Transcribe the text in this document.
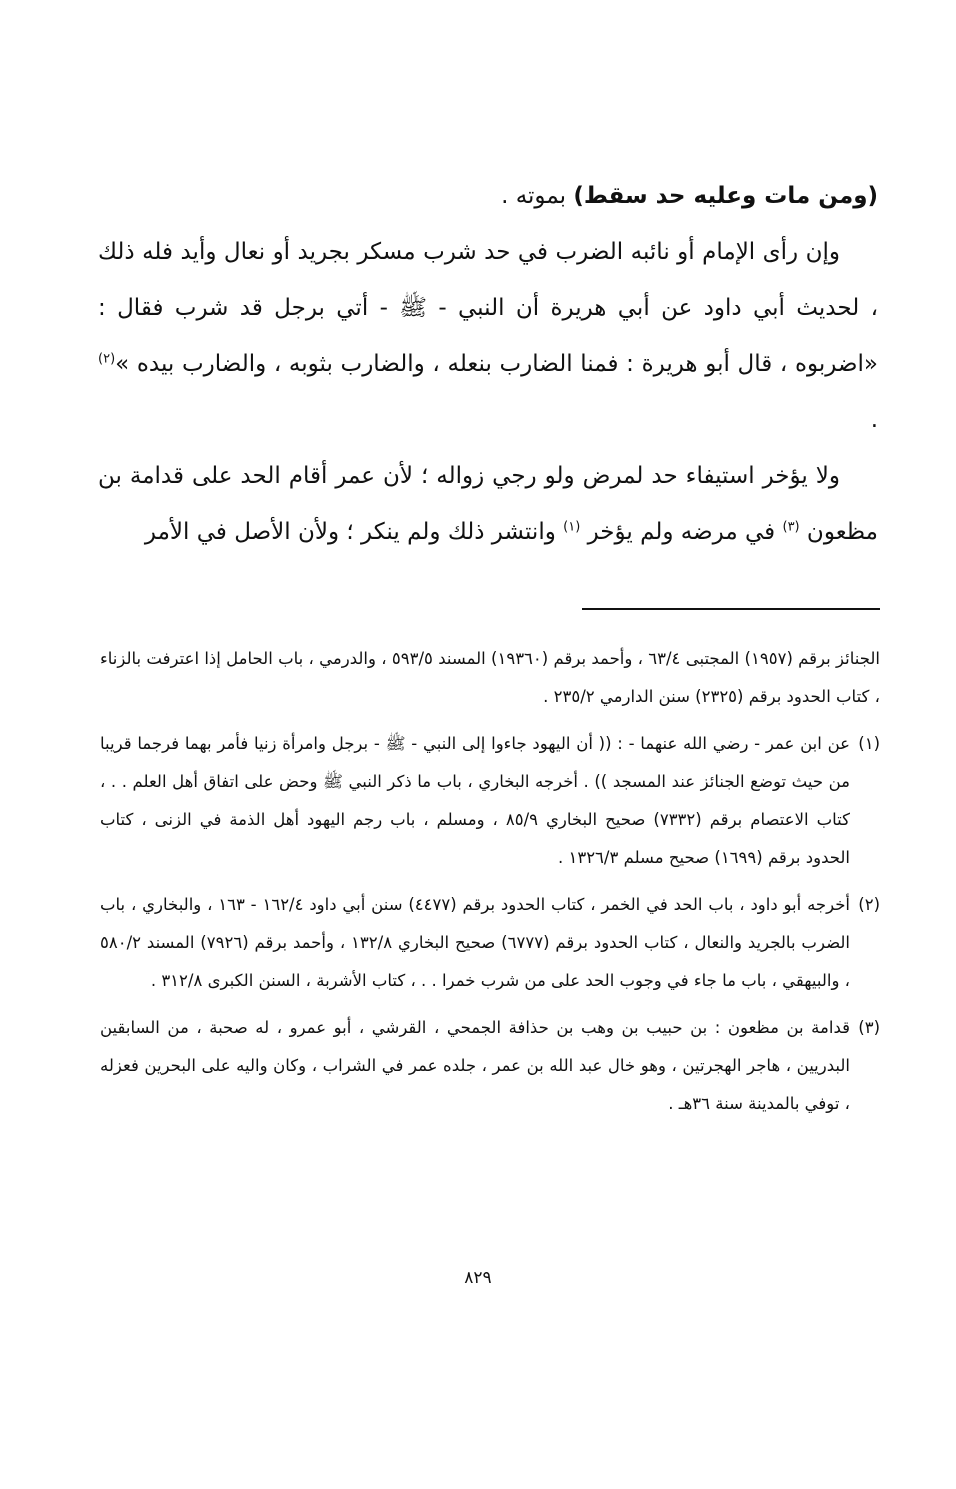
(ومن مات وعليه حد سقط) بموته .

وإن رأى الإمام أو نائبه الضرب في حد شرب مسكر بجريد أو نعال وأيد فله ذلك ، لحديث أبي داود عن أبي هريرة أن النبي - ﷺ - أتي برجل قد شرب فقال : «اضربوه ، قال أبو هريرة : فمنا الضارب بنعله ، والضارب بثوبه ، والضارب بيده »$^{(٢)}$ .

ولا يؤخر استيفاء حد لمرض ولو رجي زواله ؛ لأن عمر أقام الحد على قدامة بن مظعون $^{(٣)}$ في مرضه ولم يؤخر $^{(١)}$ وانتشر ذلك ولم ينكر ؛ ولأن الأصل في الأمر

الجنائز برقم (١٩٥٧) المجتبى ٦٣/٤ ، وأحمد برقم (١٩٣٦٠) المسند ٥٩٣/٥ ، والدرمي ، باب الحامل إذا اعترفت بالزناء ، كتاب الحدود برقم (٢٣٢٥) سنن الدارمي ٢٣٥/٢ .

(١)
عن ابن عمر - رضي الله عنهما - : (( أن اليهود جاءوا إلى النبي - ﷺ - برجل وامرأة زنيا فأمر بهما فرجما قريبا من حيث توضع الجنائز عند المسجد )) . أخرجه البخاري ، باب ما ذكر النبي ﷺ وحض على اتفاق أهل العلم . . ، كتاب الاعتصام برقم (٧٣٣٢) صحيح البخاري ٨٥/٩ ، ومسلم ، باب رجم اليهود أهل الذمة في الزنى ، كتاب الحدود برقم (١٦٩٩) صحيح مسلم ١٣٢٦/٣ .

(٢)
أخرجه أبو داود ، باب الحد في الخمر ، كتاب الحدود برقم (٤٤٧٧) سنن أبي داود ١٦٢/٤ - ١٦٣ ، والبخاري ، باب الضرب بالجريد والنعال ، كتاب الحدود برقم (٦٧٧٧) صحيح البخاري ١٣٢/٨ ، وأحمد برقم (٧٩٢٦) المسند ٥٨٠/٢ ، والبيهقي ، باب ما جاء في وجوب الحد على من شرب خمرا . . ، كتاب الأشربة ، السنن الكبرى ٣١٢/٨ .

(٣)
قدامة بن مظعون : بن حبيب بن وهب بن حذافة الجمحي ، القرشي ، أبو عمرو ، له صحبة ، من السابقين البدريين ، هاجر الهجرتين ، وهو خال عبد الله بن عمر ، جلده عمر في الشراب ، وكان واليه على البحرين فعزله ، توفي بالمدينة سنة ٣٦هـ .

٨٢٩
